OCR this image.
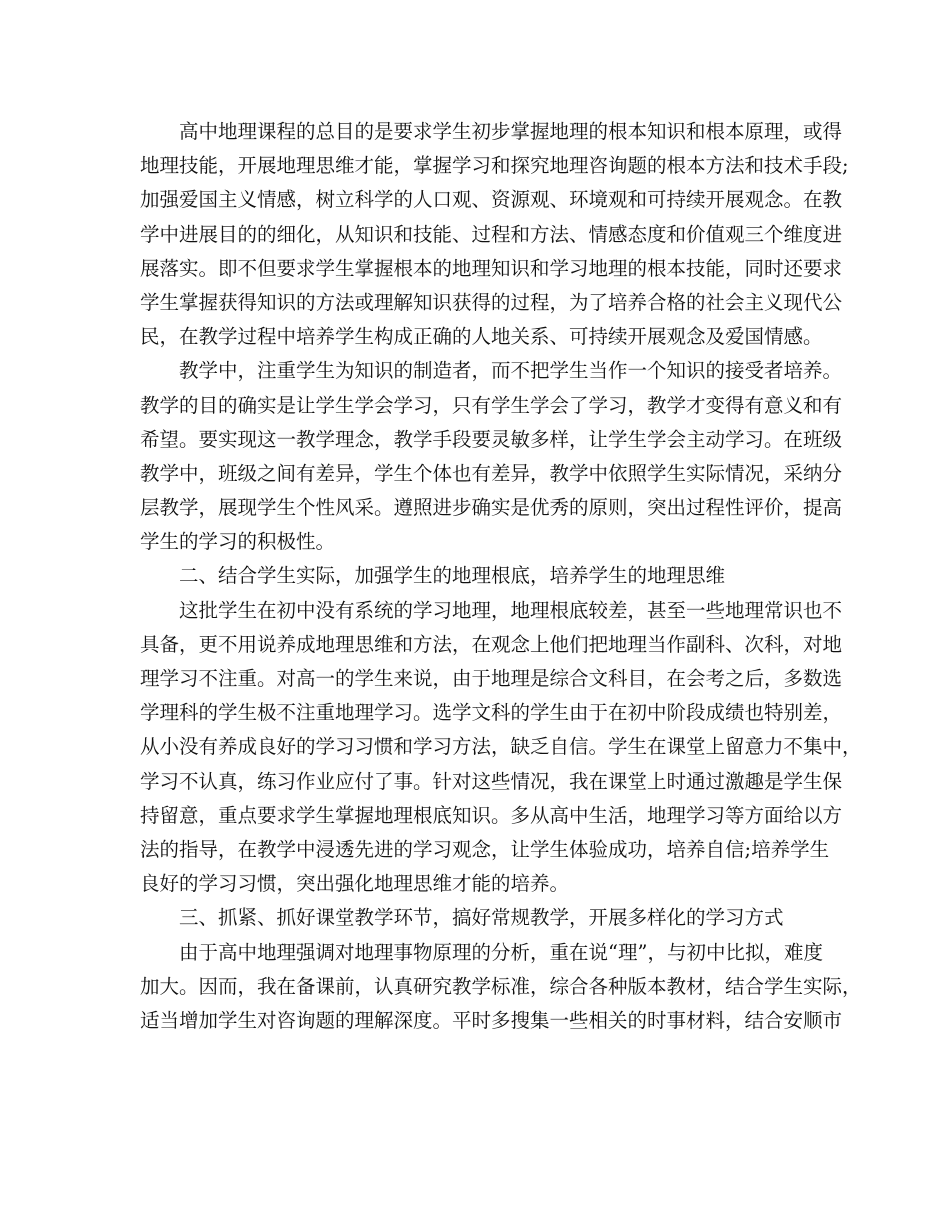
高中地理课程的总目的是要求学生初步掌握地理的根本知识和根本原理，或得

地理技能，开展地理思维才能，掌握学习和探究地理咨询题的根本方法和技术手段;

加强爱国主义情感，树立科学的人口观、资源观、环境观和可持续开展观念。在教

学中进展目的的细化，从知识和技能、过程和方法、情感态度和价值观三个维度进

展落实。即不但要求学生掌握根本的地理知识和学习地理的根本技能，同时还要求

学生掌握获得知识的方法或理解知识获得的过程，为了培养合格的社会主义现代公

民，在教学过程中培养学生构成正确的人地关系、可持续开展观念及爱国情感。

教学中，注重学生为知识的制造者，而不把学生当作一个知识的接受者培养。

教学的目的确实是让学生学会学习，只有学生学会了学习，教学才变得有意义和有

希望。要实现这一教学理念，教学手段要灵敏多样，让学生学会主动学习。在班级

教学中，班级之间有差异，学生个体也有差异，教学中依照学生实际情况，采纳分

层教学，展现学生个性风采。遵照进步确实是优秀的原则，突出过程性评价，提高

学生的学习的积极性。

二、结合学生实际，加强学生的地理根底，培养学生的地理思维

这批学生在初中没有系统的学习地理，地理根底较差，甚至一些地理常识也不

具备，更不用说养成地理思维和方法，在观念上他们把地理当作副科、次科，对地

理学习不注重。对高一的学生来说，由于地理是综合文科目，在会考之后，多数选

学理科的学生极不注重地理学习。选学文科的学生由于在初中阶段成绩也特别差，

从小没有养成良好的学习习惯和学习方法，缺乏自信。学生在课堂上留意力不集中，

学习不认真，练习作业应付了事。针对这些情况，我在课堂上时通过激趣是学生保

持留意，重点要求学生掌握地理根底知识。多从高中生活，地理学习等方面给以方

法的指导，在教学中浸透先进的学习观念，让学生体验成功，培养自信;培养学生

良好的学习习惯，突出强化地理思维才能的培养。

三、抓紧、抓好课堂教学环节，搞好常规教学，开展多样化的学习方式

由于高中地理强调对地理事物原理的分析，重在说“理”，与初中比拟，难度

加大。因而，我在备课前，认真研究教学标准，综合各种版本教材，结合学生实际，

适当增加学生对咨询题的理解深度。平时多搜集一些相关的时事材料，结合安顺市
